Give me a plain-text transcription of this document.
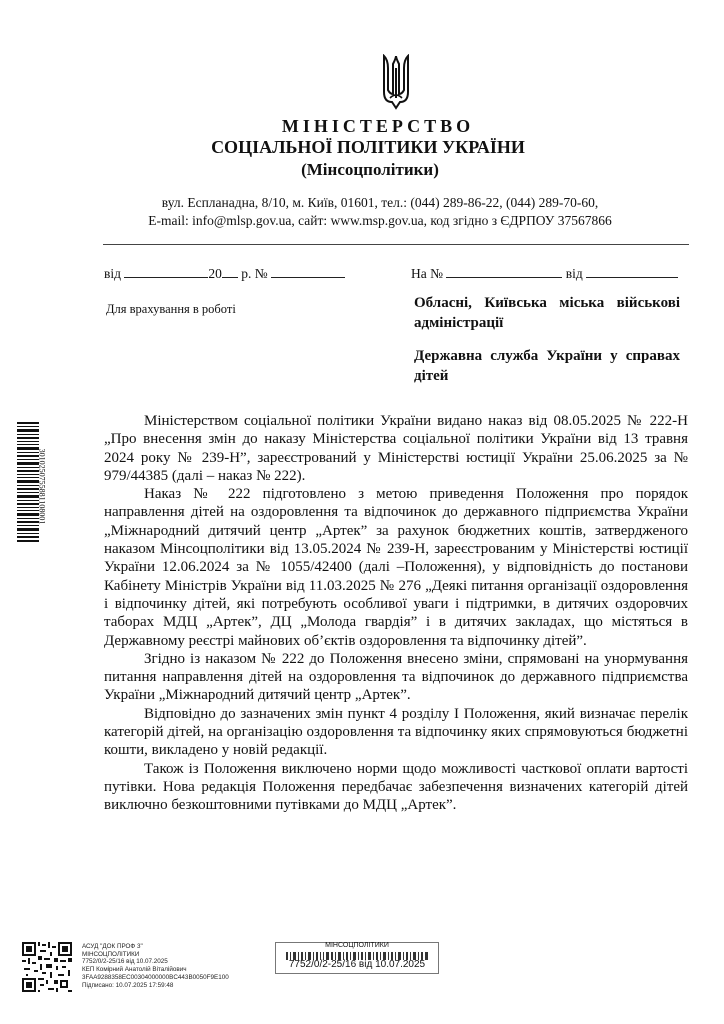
МІНІСТЕРСТВО
СОЦІАЛЬНОЇ ПОЛІТИКИ УКРАЇНИ
(Мінсоцполітики)
вул. Еспланадна, 8/10, м. Київ, 01601, тел.: (044) 289-86-22, (044) 289-70-60,
E-mail: info@mlsp.gov.ua, сайт: www.msp.gov.ua, код згідно з ЄДРПОУ 37567866
від	20 р. №	На №	від
Для врахування в роботі	Обласні, Київська міська військові адміністрації
Державна служба України у справах дітей

Міністерством соціальної політики України видано наказ від 08.05.2025 № 222-Н „Про внесення змін до наказу Міністерства соціальної політики України від 13 травня 2024 року № 239-Н”, зареєстрований у Міністерстві юстиції України 25.06.2025 за № 979/44385 (далі – наказ № 222).

Наказ № 222 підготовлено з метою приведення Положення про порядок направлення дітей на оздоровлення та відпочинок до державного підприємства України „Міжнародний дитячий центр „Артек” за рахунок бюджетних коштів, затвердженого наказом Мінсоцполітики від 13.05.2024 № 239-Н, зареєстрованим у Міністерстві юстиції України 12.06.2024 за № 1055/42400 (далі –Положення), у відповідність до постанови Кабінету Міністрів України від 11.03.2025 № 276 „Деякі питання організації оздоровлення і відпочинку дітей, які потребують особливої уваги і підтримки, в дитячих оздоровчих таборах МДЦ „Артек”, ДЦ „Молода гвардія” і в дитячих закладах, що містяться в Державному реєстрі майнових об’єктів оздоровлення та відпочинку дітей”.

Згідно із наказом № 222 до Положення внесено зміни, спрямовані на унормування питання направлення дітей на оздоровлення та відпочинок до державного підприємства України „Міжнародний дитячий центр „Артек”.

Відповідно до зазначених змін пункт 4 розділу І Положення, який визначає перелік категорій дітей, на організацію оздоровлення та відпочинку яких спрямовуються бюджетні кошти, викладено у новій редакції.

Також із Положення виключено норми щодо можливості часткової оплати вартості путівки. Нова редакція Положення передбачає забезпечення визначених категорій дітей виключно безкоштовними путівками до МДЦ „Артек”.

3010250755881108001
АСУД "ДОК ПРОФ 3"
МІНСОЦПОЛІТИКИ
7752/0/2-25/16 від 10.07.2025
КЕП Комірний Анатолій Віталійович
3FAA9288358EC00304000000BC443B0050F9E100
Підписано: 10.07.2025 17:59:48
МІНСОЦПОЛІТИКИ
7752/0/2-25/16 від 10.07.2025
